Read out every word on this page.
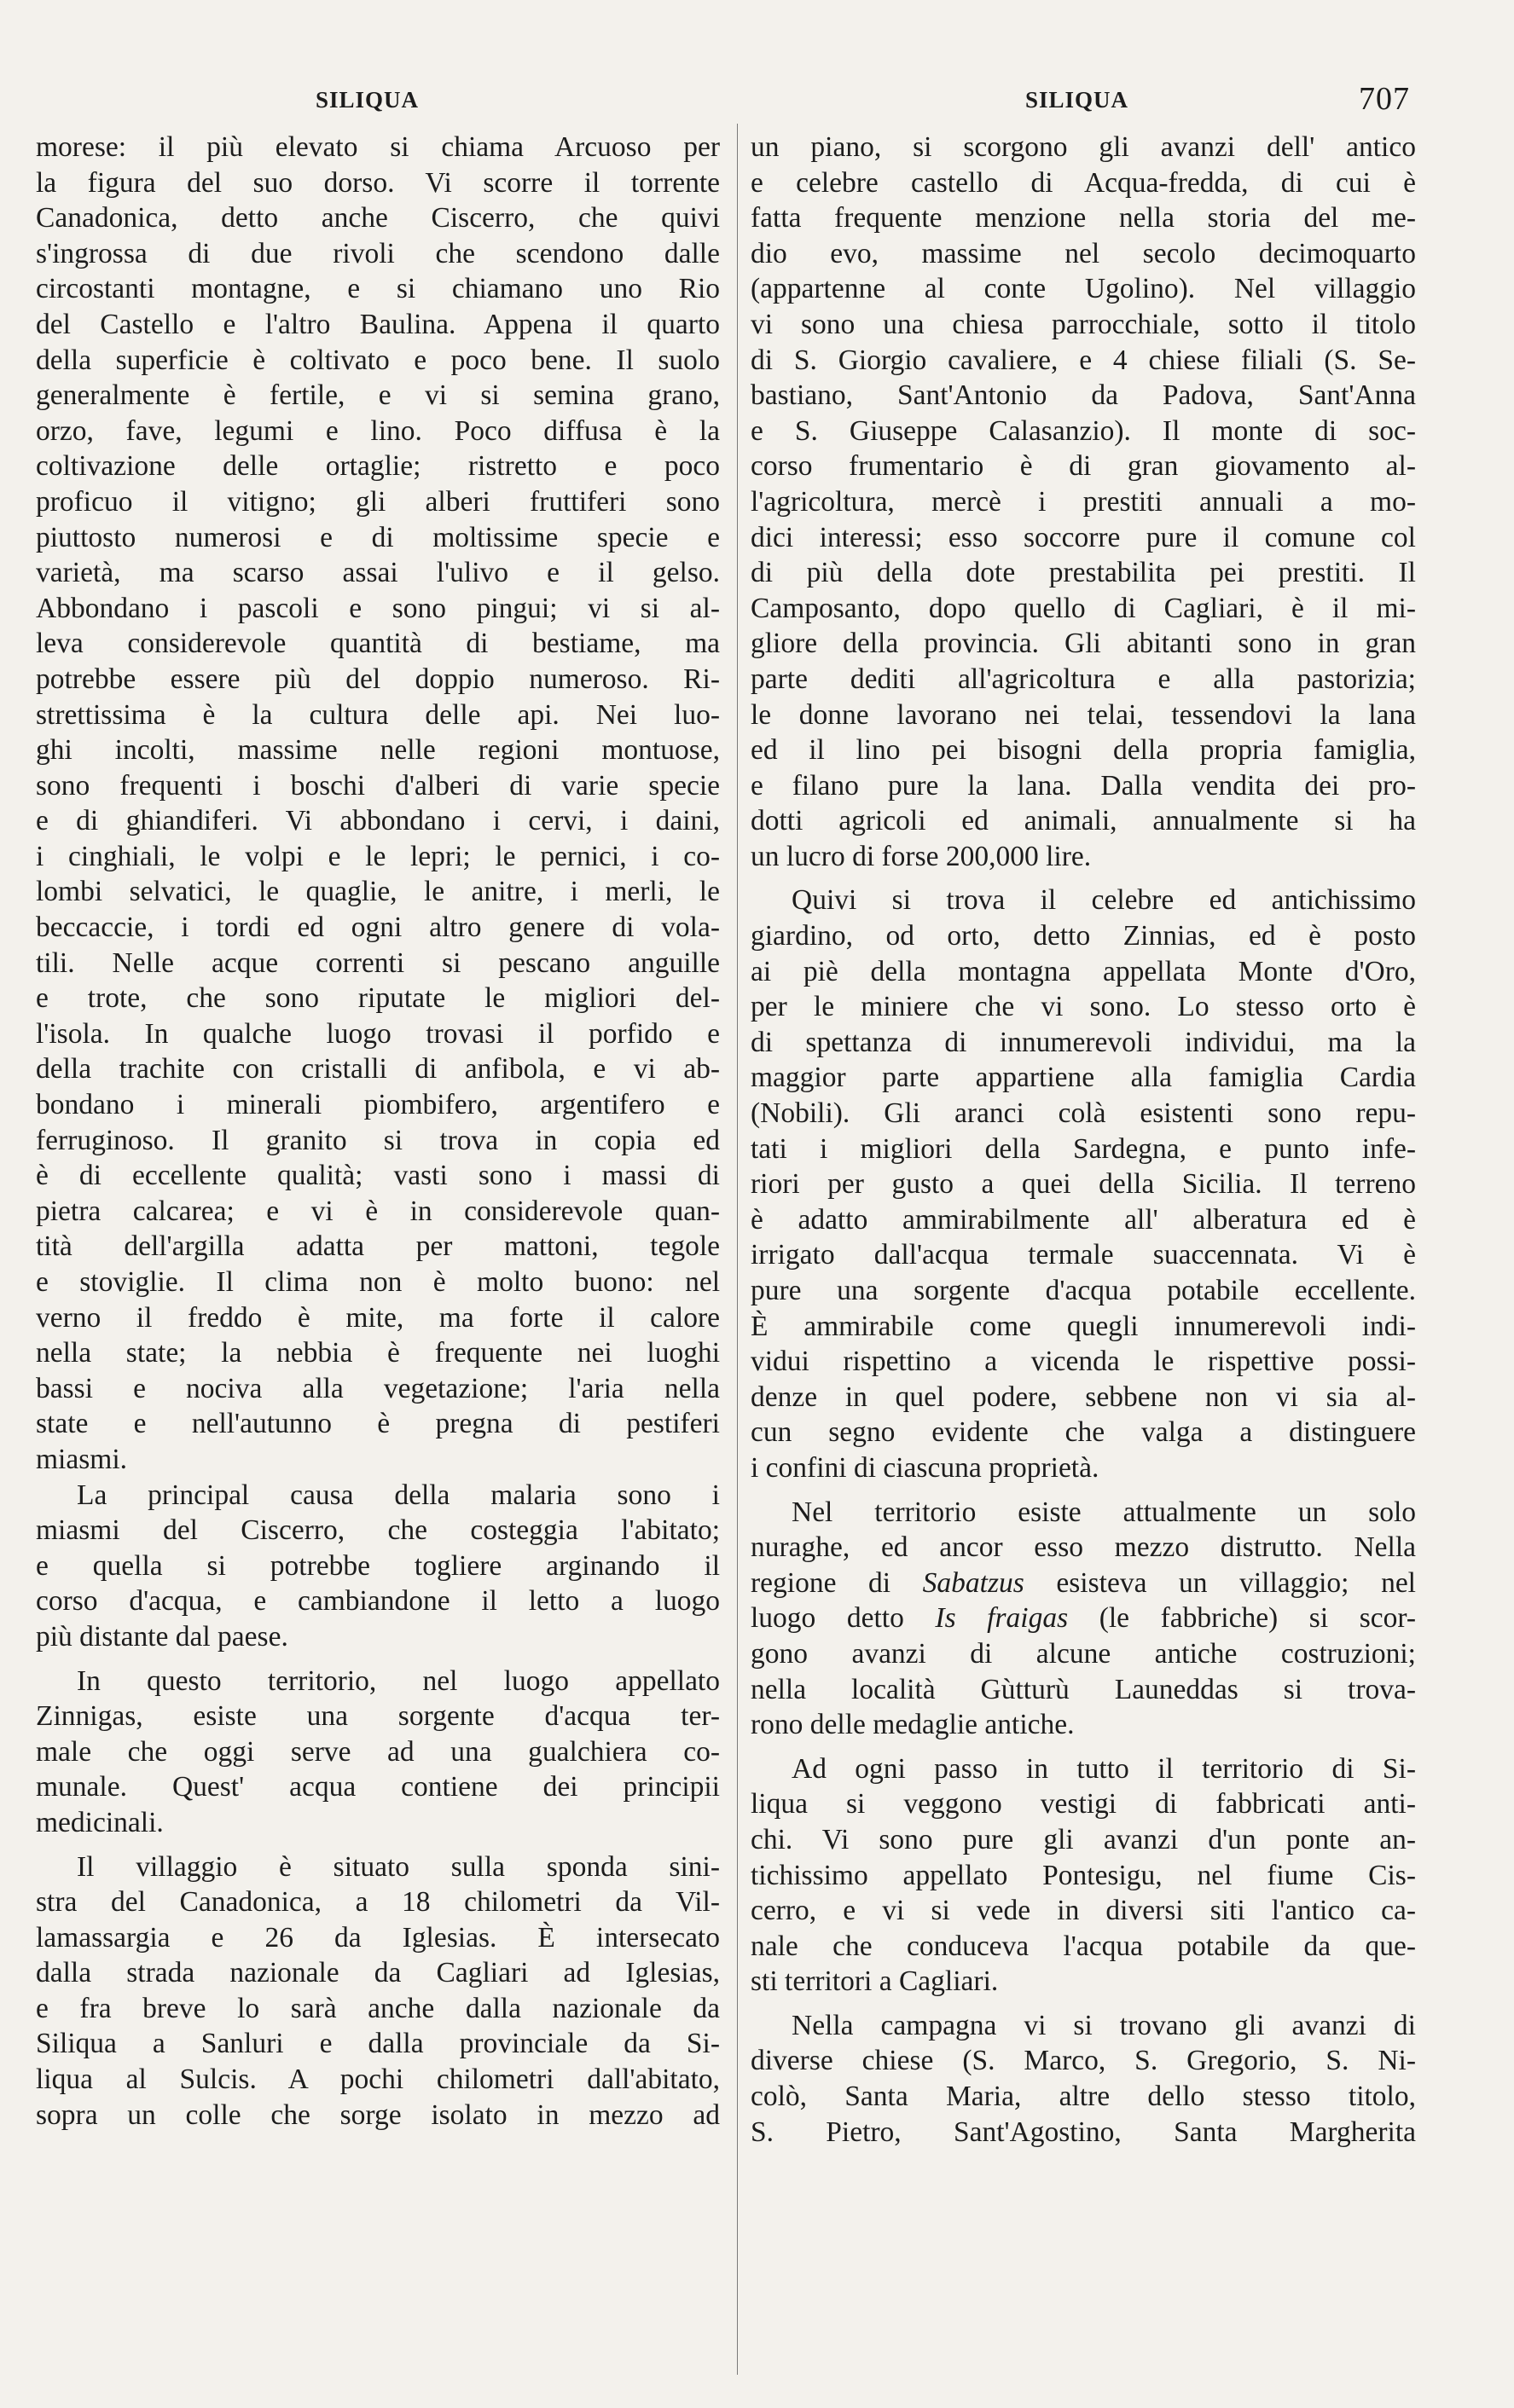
SILIQUA	SILIQUA	707
morese: il più elevato si chiama Arcuoso per
la figura del suo dorso. Vi scorre il torrente
Canadonica, detto anche Ciscerro, che quivi
s'ingrossa di due rivoli che scendono dalle
circostanti montagne, e si chiamano uno Rio
del Castello e l'altro Baulina. Appena il quarto
della superficie è coltivato e poco bene. Il suolo
generalmente è fertile, e vi si semina grano,
orzo, fave, legumi e lino. Poco diffusa è la
coltivazione delle ortaglie; ristretto e poco
proficuo il vitigno; gli alberi fruttiferi sono
piuttosto numerosi e di moltissime specie e
varietà, ma scarso assai l'ulivo e il gelso.
Abbondano i pascoli e sono pingui; vi si al-
leva considerevole quantità di bestiame, ma
potrebbe essere più del doppio numeroso. Ri-
strettissima è la cultura delle api. Nei luo-
ghi incolti, massime nelle regioni montuose,
sono frequenti i boschi d'alberi di varie specie
e di ghiandiferi. Vi abbondano i cervi, i daini,
i cinghiali, le volpi e le lepri; le pernici, i co-
lombi selvatici, le quaglie, le anitre, i merli, le
beccaccie, i tordi ed ogni altro genere di vola-
tili. Nelle acque correnti si pescano anguille
e trote, che sono riputate le migliori del-
l'isola. In qualche luogo trovasi il porfido e
della trachite con cristalli di anfibola, e vi ab-
bondano i minerali piombifero, argentifero e
ferruginoso. Il granito si trova in copia ed
è di eccellente qualità; vasti sono i massi di
pietra calcarea; e vi è in considerevole quan-
tità dell'argilla adatta per mattoni, tegole
e stoviglie. Il clima non è molto buono: nel
verno il freddo è mite, ma forte il calore
nella state; la nebbia è frequente nei luoghi
bassi e nociva alla vegetazione; l'aria nella
state e nell'autunno è pregna di pestiferi
miasmi.
La principal causa della malaria sono i
miasmi del Ciscerro, che costeggia l'abitato;
e quella si potrebbe togliere arginando il
corso d'acqua, e cambiandone il letto a luogo
più distante dal paese.
In questo territorio, nel luogo appellato
Zinnigas, esiste una sorgente d'acqua ter-
male che oggi serve ad una gualchiera co-
munale. Quest' acqua contiene dei principii
medicinali.
Il villaggio è situato sulla sponda sini-
stra del Canadonica, a 18 chilometri da Vil-
lamassargia e 26 da Iglesias. È intersecato
dalla strada nazionale da Cagliari ad Iglesias,
e fra breve lo sarà anche dalla nazionale da
Siliqua a Sanluri e dalla provinciale da Si-
liqua al Sulcis. A pochi chilometri dall'abitato,
sopra un colle che sorge isolato in mezzo ad
un piano, si scorgono gli avanzi dell' antico
e celebre castello di Acqua-fredda, di cui è
fatta frequente menzione nella storia del me-
dio evo, massime nel secolo decimoquarto
(appartenne al conte Ugolino). Nel villaggio
vi sono una chiesa parrocchiale, sotto il titolo
di S. Giorgio cavaliere, e 4 chiese filiali (S. Se-
bastiano, Sant'Antonio da Padova, Sant'Anna
e S. Giuseppe Calasanzio). Il monte di soc-
corso frumentario è di gran giovamento al-
l'agricoltura, mercè i prestiti annuali a mo-
dici interessi; esso soccorre pure il comune col
di più della dote prestabilita pei prestiti. Il
Camposanto, dopo quello di Cagliari, è il mi-
gliore della provincia. Gli abitanti sono in gran
parte dediti all'agricoltura e alla pastorizia;
le donne lavorano nei telai, tessendovi la lana
ed il lino pei bisogni della propria famiglia,
e filano pure la lana. Dalla vendita dei pro-
dotti agricoli ed animali, annualmente si ha
un lucro di forse 200,000 lire.
Quivi si trova il celebre ed antichissimo
giardino, od orto, detto Zinnias, ed è posto
ai piè della montagna appellata Monte d'Oro,
per le miniere che vi sono. Lo stesso orto è
di spettanza di innumerevoli individui, ma la
maggior parte appartiene alla famiglia Cardia
(Nobili). Gli aranci colà esistenti sono repu-
tati i migliori della Sardegna, e punto infe-
riori per gusto a quei della Sicilia. Il terreno
è adatto ammirabilmente all' alberatura ed è
irrigato dall'acqua termale suaccennata. Vi è
pure una sorgente d'acqua potabile eccellente.
È ammirabile come quegli innumerevoli indi-
vidui rispettino a vicenda le rispettive possi-
denze in quel podere, sebbene non vi sia al-
cun segno evidente che valga a distinguere
i confini di ciascuna proprietà.
Nel territorio esiste attualmente un solo
nuraghe, ed ancor esso mezzo distrutto. Nella
regione di Sabatzus esisteva un villaggio; nel
luogo detto Is fraigas (le fabbriche) si scor-
gono avanzi di alcune antiche costruzioni;
nella località Gùtturù Launeddas si trova-
rono delle medaglie antiche.
Ad ogni passo in tutto il territorio di Si-
liqua si veggono vestigi di fabbricati anti-
chi. Vi sono pure gli avanzi d'un ponte an-
tichissimo appellato Pontesigu, nel fiume Cis-
cerro, e vi si vede in diversi siti l'antico ca-
nale che conduceva l'acqua potabile da que-
sti territori a Cagliari.
Nella campagna vi si trovano gli avanzi di
diverse chiese (S. Marco, S. Gregorio, S. Ni-
colò, Santa Maria, altre dello stesso titolo,
S. Pietro, Sant'Agostino, Santa Margherita
